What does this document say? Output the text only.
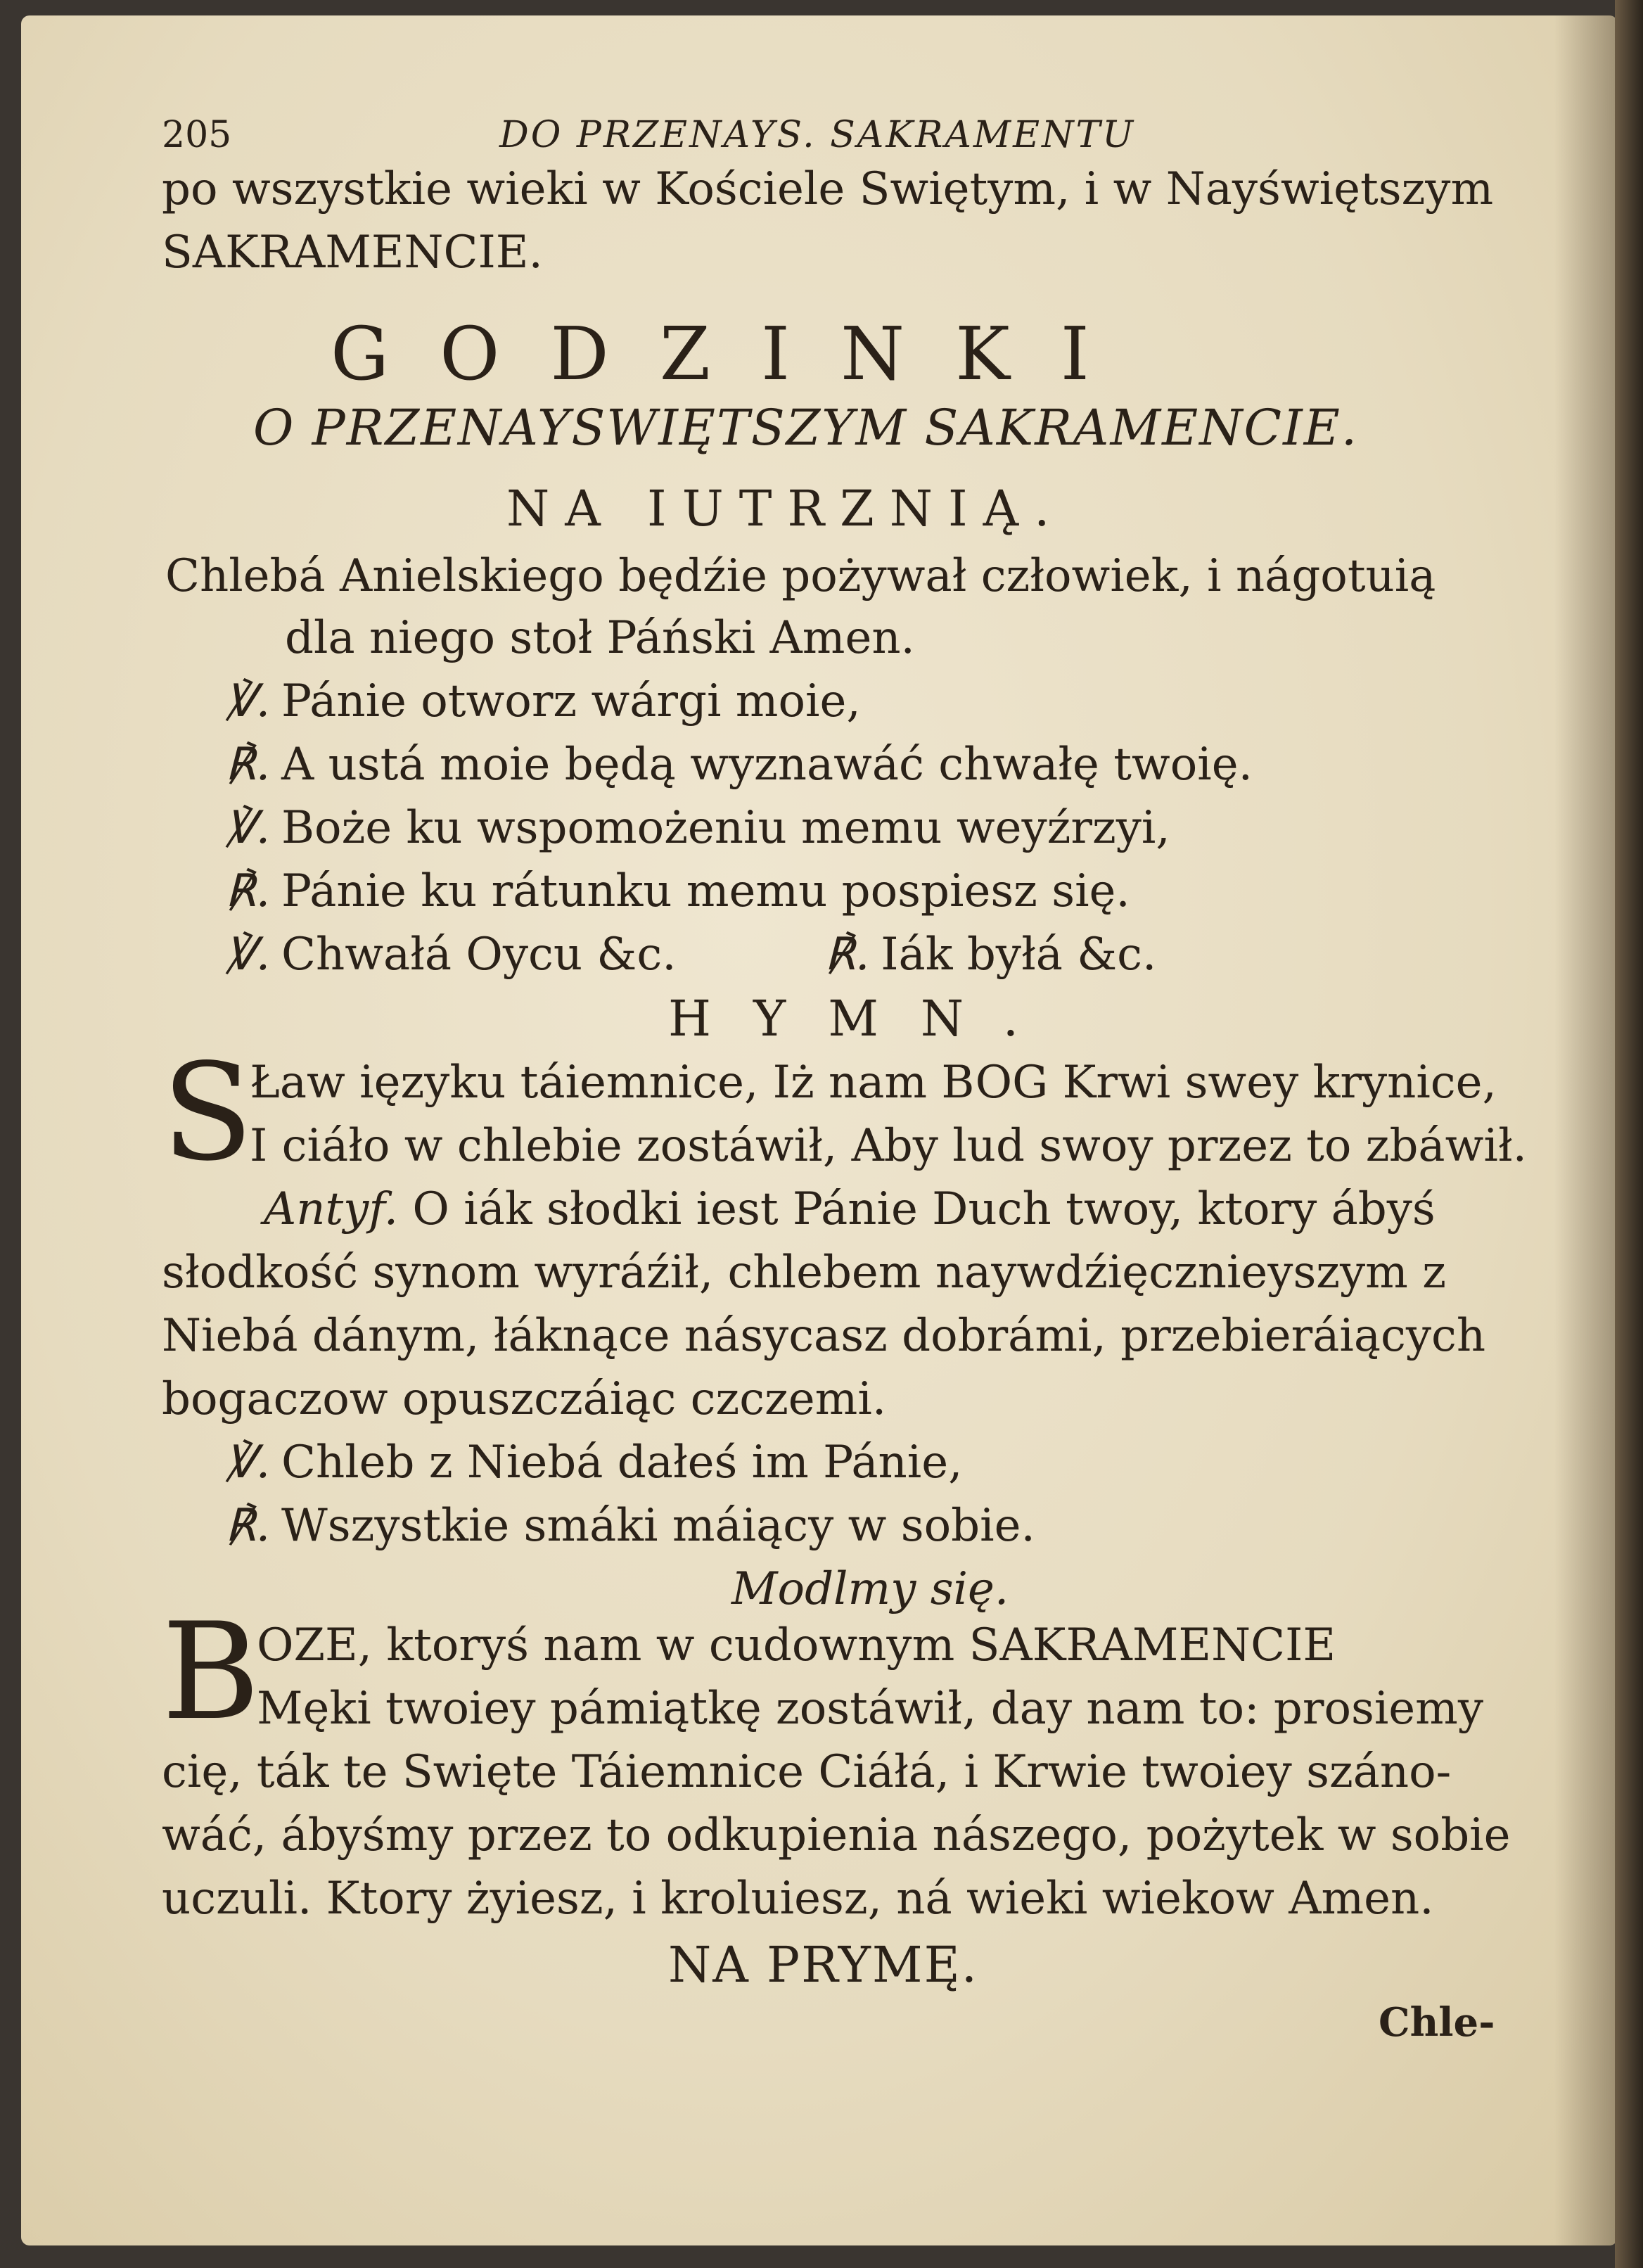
205	DO PRZENAYS. SAKRAMENTU
po wszystkie wieki w Kościele Swiętym, i w Nayświętszym
SAKRAMENCIE.
GODZINKI
O PRZENAYSWIĘTSZYM SAKRAMENCIE.
NA IUTRZNIĄ.
Chlebá Anielskiego będźie pożywał człowiek, i nágotuią
dla niego stoł Páński Amen.
℣. Pánie otworz wárgi moie,
℟. A ustá moie będą wyznawáć chwałę twoię.
℣. Boże ku wspomożeniu memu weyźrzyi,
℟. Pánie ku rátunku memu pospiesz się.
℣. Chwałá Oycu &c.	℟. Iák byłá &c.
HYMN.
S
Ław ięzyku táiemnice, Iż nam BOG Krwi swey krynice,
I ciáło w chlebie zostáwił, Aby lud swoy przez to zbáwił.
Antyf. O iák słodki iest Pánie Duch twoy, ktory ábyś
słodkość synom wyráźił, chlebem naywdźięcznieyszym z
Niebá dánym, łáknące násycasz dobrámi, przebieráiących
bogaczow opuszczáiąc czczemi.
℣. Chleb z Niebá dałeś im Pánie,
℟. Wszystkie smáki máiący w sobie.
Modlmy się.
B
OZE, ktoryś nam w cudownym SAKRAMENCIE
Męki twoiey pámiątkę zostáwił, day nam to: prosiemy
cię, ták te Swięte Táiemnice Ciáłá, i Krwie twoiey száno-
wáć, ábyśmy przez to odkupienia nászego, pożytek w sobie
uczuli. Ktory żyiesz, i kroluiesz, ná wieki wiekow Amen.
NA PRYMĘ.
Chle-
